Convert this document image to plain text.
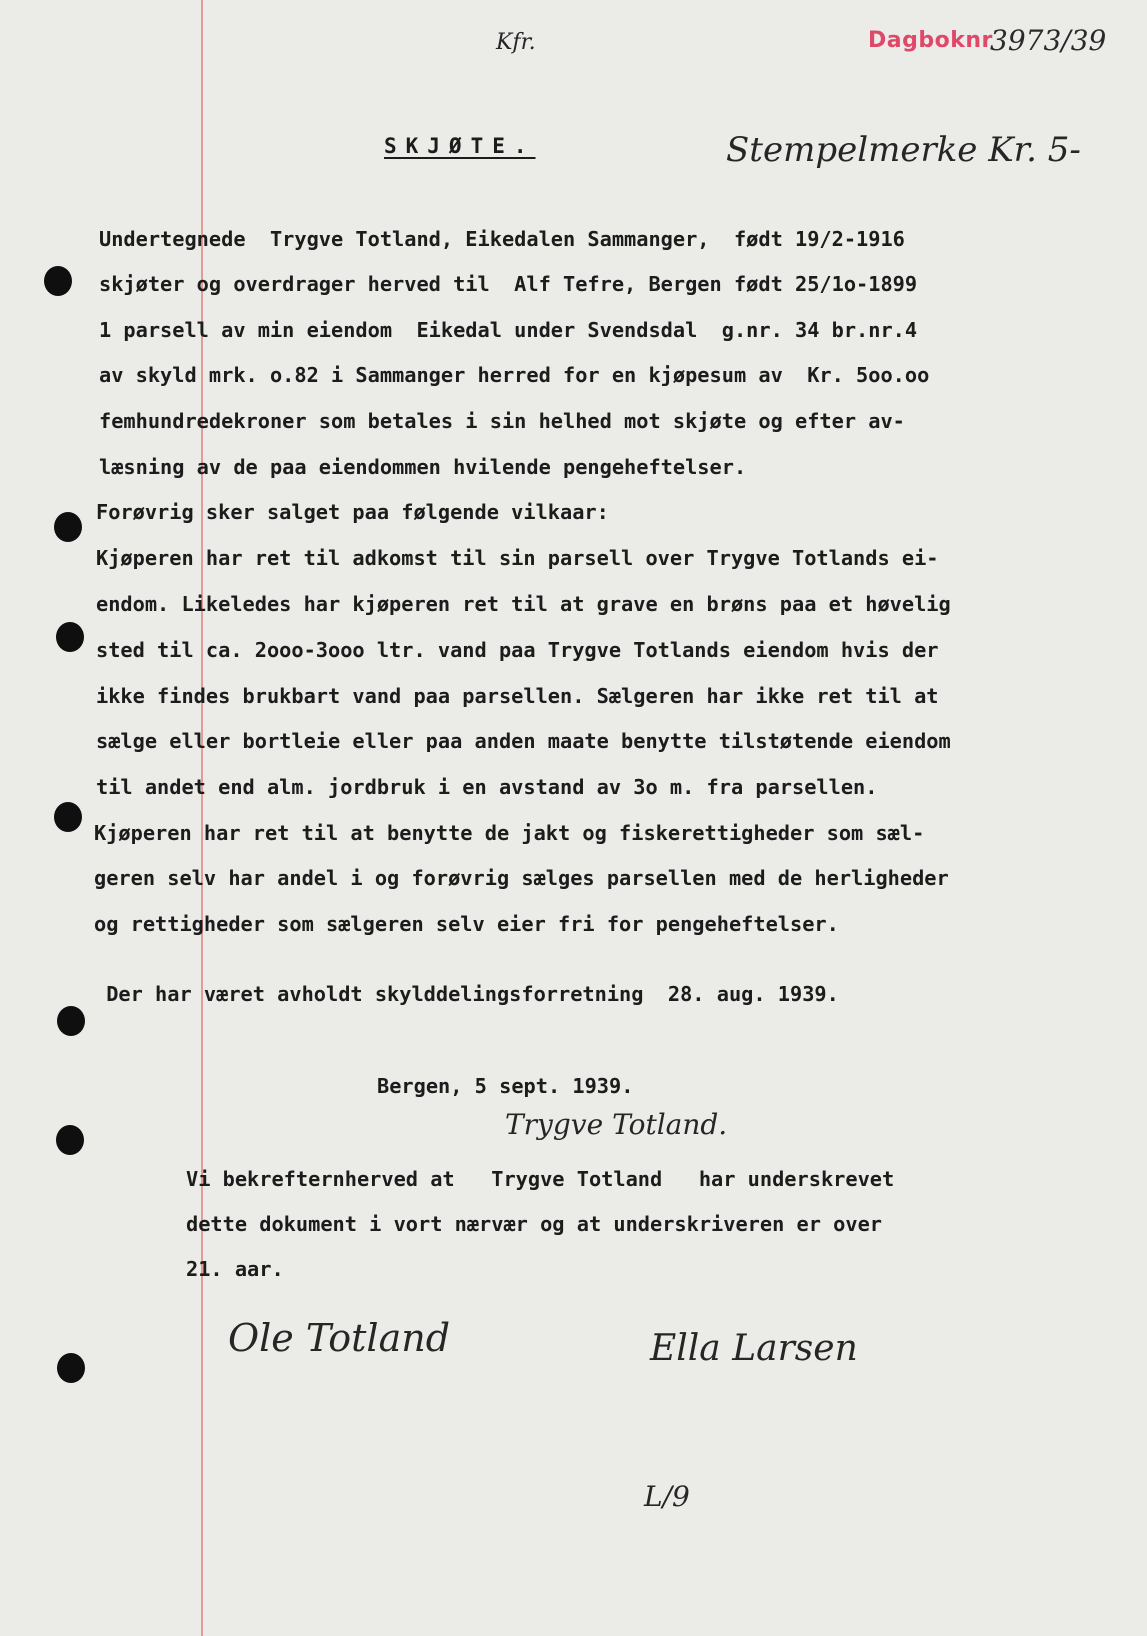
Dagboknr
3973/39
Kfr.
Stempelmerke Kr. 5-
SKJØTE.
Undertegnede  Trygve Totland, Eikedalen Sammanger,  født 19/2-1916
skjøter og overdrager herved til  Alf Tefre, Bergen født 25/1o-1899
1 parsell av min eiendom  Eikedal under Svendsdal  g.nr. 34 br.nr.4
av skyld mrk. o.82 i Sammanger herred for en kjøpesum av  Kr. 5oo.oo
femhundredekroner som betales i sin helhed mot skjøte og efter av-
læsning av de paa eiendommen hvilende pengeheftelser.
Forøvrig sker salget paa følgende vilkaar:
Kjøperen har ret til adkomst til sin parsell over Trygve Totlands ei-
endom. Likeledes har kjøperen ret til at grave en brøns paa et høvelig
sted til ca. 2ooo-3ooo ltr. vand paa Trygve Totlands eiendom hvis der
ikke findes brukbart vand paa parsellen. Sælgeren har ikke ret til at
sælge eller bortleie eller paa anden maate benytte tilstøtende eiendom
til andet end alm. jordbruk i en avstand av 3o m. fra parsellen.
Kjøperen har ret til at benytte de jakt og fiskerettigheder som sæl-
geren selv har andel i og forøvrig sælges parsellen med de herligheder
og rettigheder som sælgeren selv eier fri for pengeheftelser.
Der har været avholdt skylddelingsforretning  28. aug. 1939.
Bergen, 5 sept. 1939.
Trygve Totland.
Vi bekrefternherved at   Trygve Totland   har underskrevet
dette dokument i vort nærvær og at underskriveren er over
21. aar.
Ole Totland	Ella Larsen
L/9
